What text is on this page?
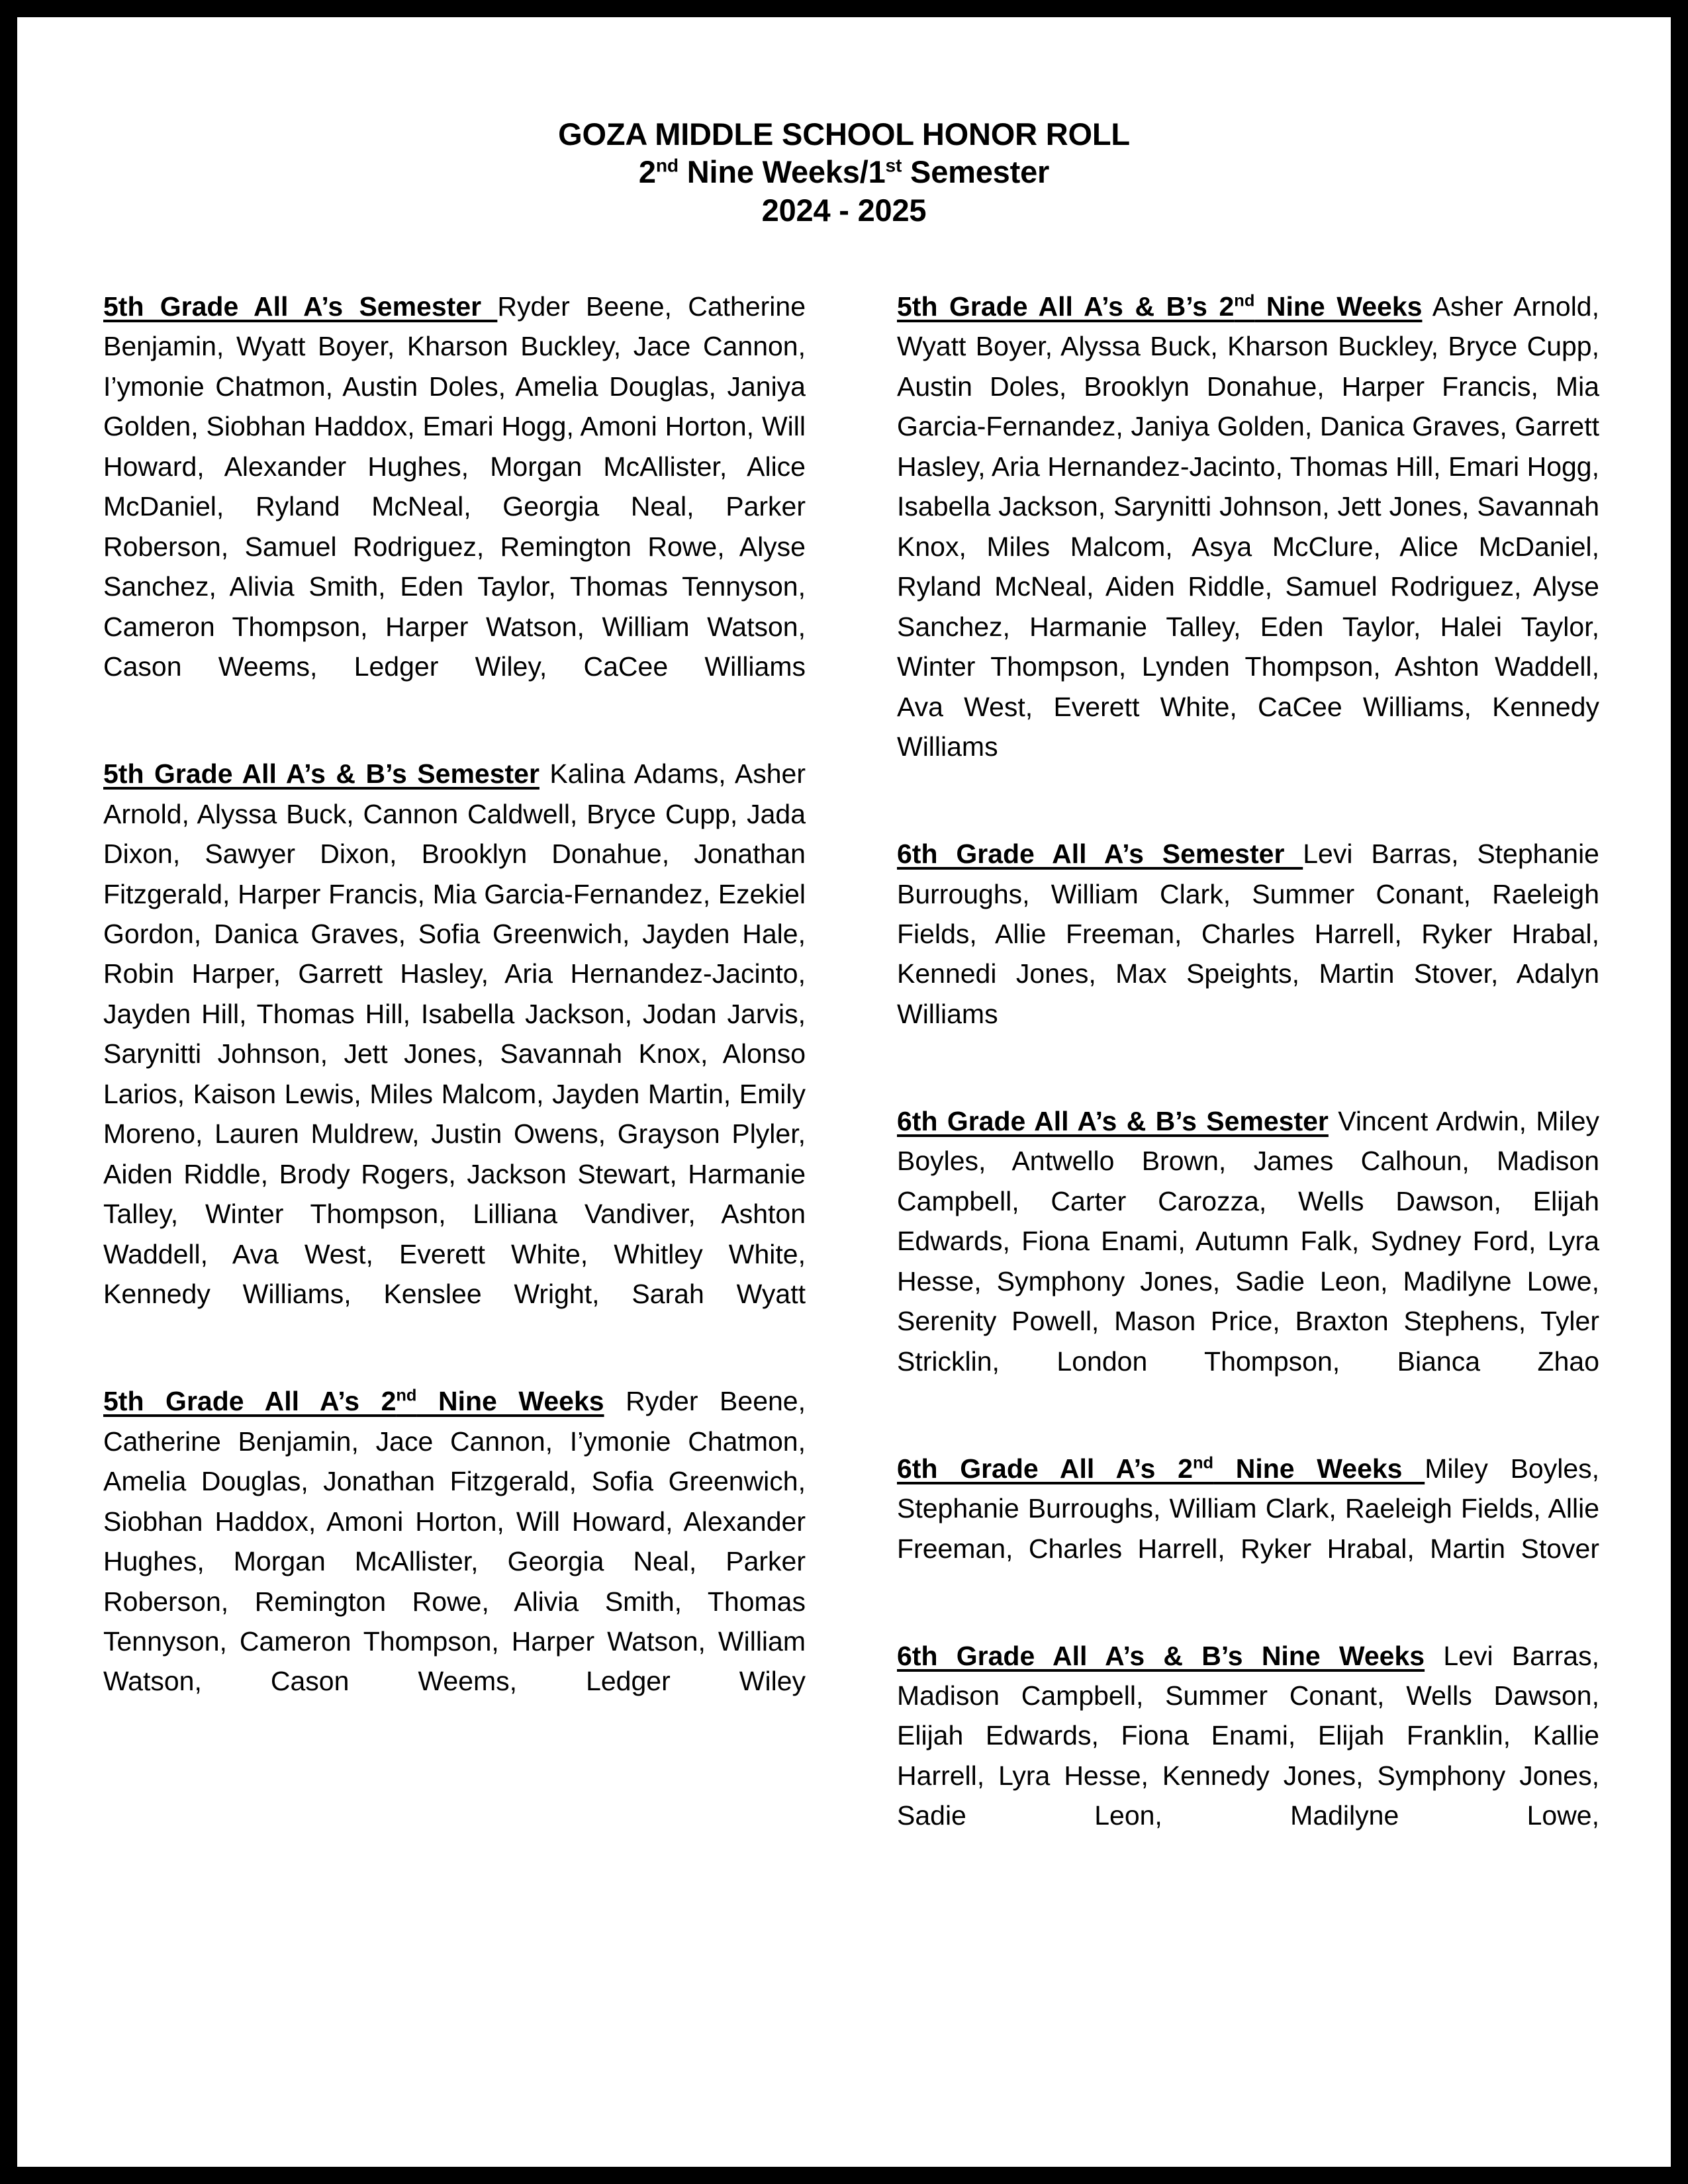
GOZA MIDDLE SCHOOL HONOR ROLL
2nd Nine Weeks/1st Semester
2024 - 2025

5th Grade All A’s Semester Ryder Beene, Catherine Benjamin, Wyatt Boyer, Kharson Buckley, Jace Cannon, I’ymonie Chatmon, Austin Doles, Amelia Douglas, Janiya Golden, Siobhan Haddox, Emari Hogg, Amoni Horton, Will Howard, Alexander Hughes, Morgan McAllister, Alice McDaniel, Ryland McNeal, Georgia Neal, Parker Roberson, Samuel Rodriguez, Remington Rowe, Alyse Sanchez, Alivia Smith, Eden Taylor, Thomas Tennyson, Cameron Thompson, Harper Watson, William Watson, Cason Weems, Ledger Wiley, CaCee Williams

5th Grade All A’s & B’s Semester Kalina Adams, Asher Arnold, Alyssa Buck, Cannon Caldwell, Bryce Cupp, Jada Dixon, Sawyer Dixon, Brooklyn Donahue, Jonathan Fitzgerald, Harper Francis, Mia Garcia-Fernandez, Ezekiel Gordon, Danica Graves, Sofia Greenwich, Jayden Hale, Robin Harper, Garrett Hasley, Aria Hernandez-Jacinto, Jayden Hill, Thomas Hill, Isabella Jackson, Jodan Jarvis, Sarynitti Johnson, Jett Jones, Savannah Knox, Alonso Larios, Kaison Lewis, Miles Malcom, Jayden Martin, Emily Moreno, Lauren Muldrew, Justin Owens, Grayson Plyler, Aiden Riddle, Brody Rogers, Jackson Stewart, Harmanie Talley, Winter Thompson, Lilliana Vandiver, Ashton Waddell, Ava West, Everett White, Whitley White, Kennedy Williams, Kenslee Wright, Sarah Wyatt

5th Grade All A’s 2nd Nine Weeks Ryder Beene, Catherine Benjamin, Jace Cannon, I’ymonie Chatmon, Amelia Douglas, Jonathan Fitzgerald, Sofia Greenwich, Siobhan Haddox, Amoni Horton, Will Howard, Alexander Hughes, Morgan McAllister, Georgia Neal, Parker Roberson, Remington Rowe, Alivia Smith, Thomas Tennyson, Cameron Thompson, Harper Watson, William Watson, Cason Weems, Ledger Wiley

5th Grade All A’s & B’s 2nd Nine Weeks Asher Arnold, Wyatt Boyer, Alyssa Buck, Kharson Buckley, Bryce Cupp, Austin Doles, Brooklyn Donahue, Harper Francis, Mia Garcia-Fernandez, Janiya Golden, Danica Graves, Garrett Hasley, Aria Hernandez-Jacinto, Thomas Hill, Emari Hogg, Isabella Jackson, Sarynitti Johnson, Jett Jones, Savannah Knox, Miles Malcom, Asya McClure, Alice McDaniel, Ryland McNeal, Aiden Riddle, Samuel Rodriguez, Alyse Sanchez, Harmanie Talley, Eden Taylor, Halei Taylor, Winter Thompson, Lynden Thompson, Ashton Waddell, Ava West, Everett White, CaCee Williams, Kennedy Williams

6th Grade All A’s Semester Levi Barras, Stephanie Burroughs, William Clark, Summer Conant, Raeleigh Fields, Allie Freeman, Charles Harrell, Ryker Hrabal, Kennedi Jones, Max Speights, Martin Stover, Adalyn Williams

6th Grade All A’s & B’s Semester Vincent Ardwin, Miley Boyles, Antwello Brown, James Calhoun, Madison Campbell, Carter Carozza, Wells Dawson, Elijah Edwards, Fiona Enami, Autumn Falk, Sydney Ford, Lyra Hesse, Symphony Jones, Sadie Leon, Madilyne Lowe, Serenity Powell, Mason Price, Braxton Stephens, Tyler Stricklin, London Thompson, Bianca Zhao

6th Grade All A’s 2nd Nine Weeks Miley Boyles, Stephanie Burroughs, William Clark, Raeleigh Fields, Allie Freeman, Charles Harrell, Ryker Hrabal, Martin Stover

6th Grade All A’s & B’s Nine Weeks Levi Barras, Madison Campbell, Summer Conant, Wells Dawson, Elijah Edwards, Fiona Enami, Elijah Franklin, Kallie Harrell, Lyra Hesse, Kennedy Jones, Symphony Jones, Sadie Leon, Madilyne Lowe,
